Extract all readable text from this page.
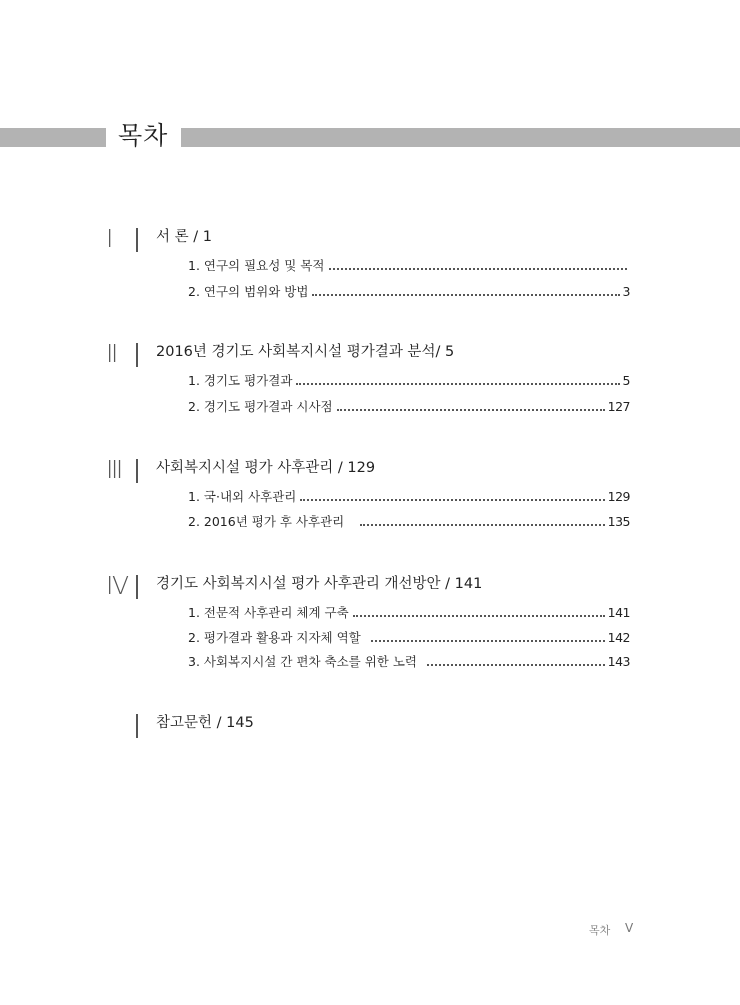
목차
Ⅰ	서 론 / 1
1. 연구의 필요성 및 목적
2. 연구의 범위와 방법	3
Ⅱ	2016년 경기도 사회복지시설 평가결과 분석/ 5
1. 경기도 평가결과	5
2. 경기도 평가결과 시사점	127
Ⅲ 사회복지시설 평가 사후관리 / 129
1. 국·내외 사후관리	129
2. 2016년 평가 후 사후관리	135
Ⅳ 경기도 사회복지시설 평가 사후관리 개선방안 / 141
1. 전문적 사후관리 체계 구축	141
2. 평가결과 활용과 지자체 역할	142
3. 사회복지시설 간 편차 축소를 위한 노력	143
참고문헌 / 145
목차 Ⅴ
